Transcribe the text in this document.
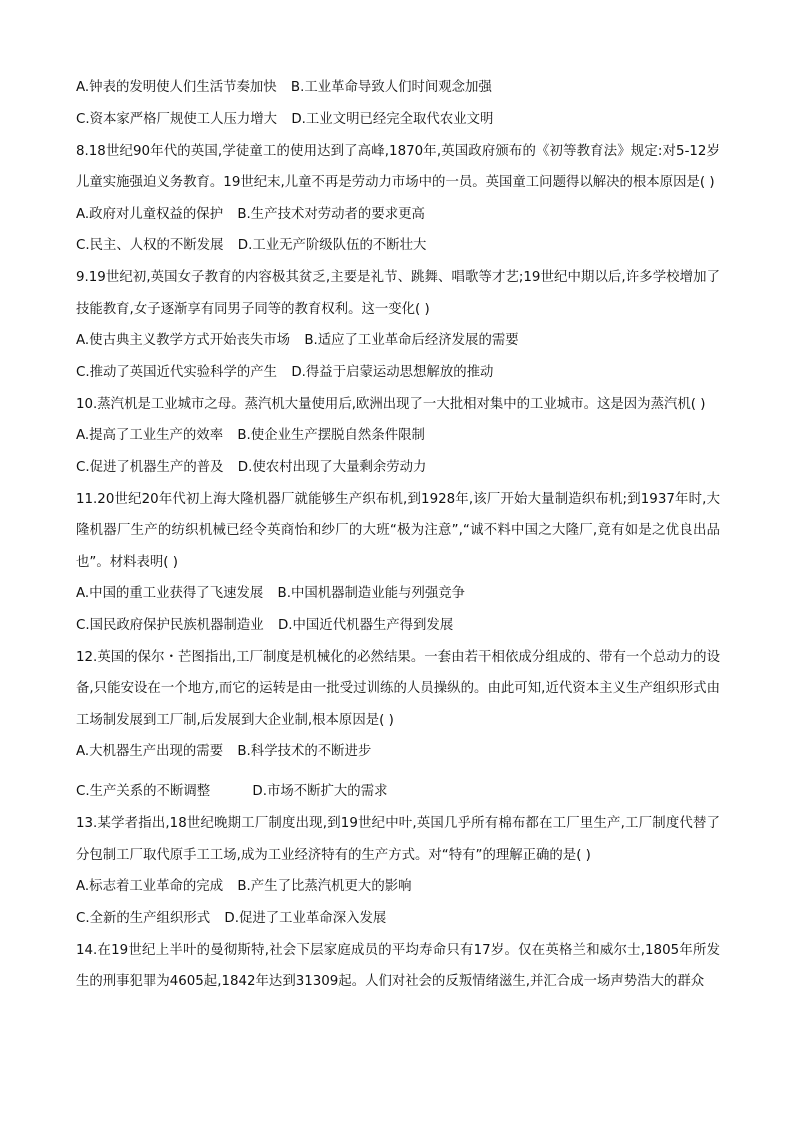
A.钟表的发明使人们生活节奏加快 B.工业革命导致人们时间观念加强
C.资本家严格厂规使工人压力增大 D.工业文明已经完全取代农业文明
8.18世纪90年代的英国,学徒童工的使用达到了高峰,1870年,英国政府颁布的《初等教育法》规定:对5-12岁儿童实施强迫义务教育。19世纪末,儿童不再是劳动力市场中的一员。英国童工问题得以解决的根本原因是( )
A.政府对儿童权益的保护 B.生产技术对劳动者的要求更高
C.民主、人权的不断发展 D.工业无产阶级队伍的不断壮大
9.19世纪初,英国女子教育的内容极其贫乏,主要是礼节、跳舞、唱歌等才艺;19世纪中期以后,许多学校增加了技能教育,女子逐渐享有同男子同等的教育权利。这一变化( )
A.使古典主义教学方式开始丧失市场 B.适应了工业革命后经济发展的需要
C.推动了英国近代实验科学的产生 D.得益于启蒙运动思想解放的推动
10.蒸汽机是工业城市之母。蒸汽机大量使用后,欧洲出现了一大批相对集中的工业城市。这是因为蒸汽机( )
A.提高了工业生产的效率 B.使企业生产摆脱自然条件限制
C.促进了机器生产的普及 D.使农村出现了大量剩余劳动力
11.20世纪20年代初上海大隆机器厂就能够生产织布机,到1928年,该厂开始大量制造织布机;到1937年时,大隆机器厂生产的纺织机械已经令英商怡和纱厂的大班“极为注意”,“诚不料中国之大隆厂,竟有如是之优良出品也”。材料表明( )
A.中国的重工业获得了飞速发展 B.中国机器制造业能与列强竞争
C.国民政府保护民族机器制造业 D.中国近代机器生产得到发展
12.英国的保尔・芒图指出,工厂制度是机械化的必然结果。一套由若干相依成分组成的、带有一个总动力的设备,只能安设在一个地方,而它的运转是由一批受过训练的人员操纵的。由此可知,近代资本主义生产组织形式由工场制发展到工厂制,后发展到大企业制,根本原因是( )
A.大机器生产出现的需要 B.科学技术的不断进步
C.生产关系的不断调整	D.市场不断扩大的需求
13.某学者指出,18世纪晚期工厂制度出现,到19世纪中叶,英国几乎所有棉布都在工厂里生产,工厂制度代替了分包制工厂取代原手工工场,成为工业经济特有的生产方式。对“特有”的理解正确的是( )
A.标志着工业革命的完成 B.产生了比蒸汽机更大的影响
C.全新的生产组织形式 D.促进了工业革命深入发展
14.在19世纪上半叶的曼彻斯特,社会下层家庭成员的平均寿命只有17岁。仅在英格兰和威尔士,1805年所发生的刑事犯罪为4605起,1842年达到31309起。人们对社会的反叛情绪滋生,并汇合成一场声势浩大的群众
